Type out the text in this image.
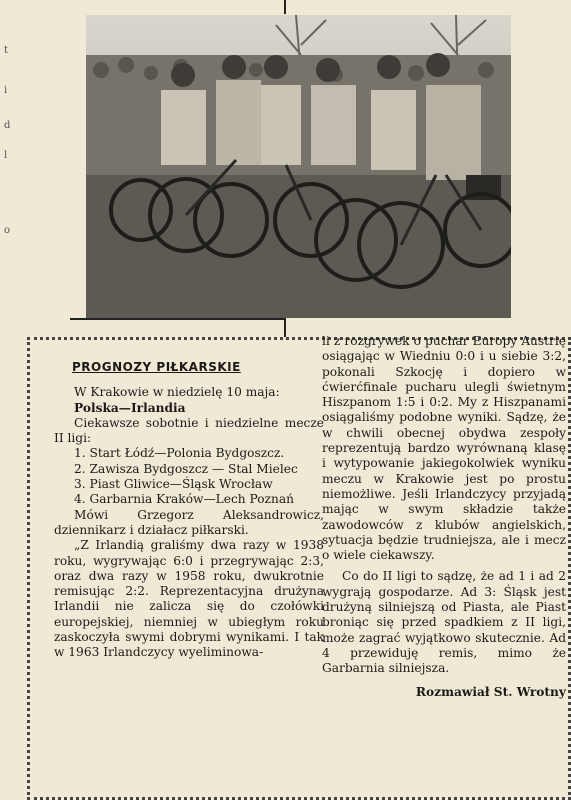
t
i
d
l
o
PROGNOZY PIŁKARSKIE

W Krakowie w niedzielę 10 maja:

Polska—Irlandia

Ciekawsze sobotnie i niedzielne mecze II ligi:

1. Start Łódź—Polonia Bydgoszcz.

2. Zawisza Bydgoszcz — Stal Mielec

3. Piast Gliwice—Śląsk Wrocław

4. Garbarnia Kraków—Lech Poznań

Mówi Grzegorz Aleksandrowicz, dziennikarz i działacz piłkarski.

„Z Irlandią graliśmy dwa razy w 1938 roku, wygrywając 6:0 i przegrywając 2:3, oraz dwa razy w 1958 roku, dwukrotnie remisując 2:2. Reprezentacyjna drużyna Irlandii nie zalicza się do czołówki europejskiej, niemniej w ubiegłym roku zaskoczyła swymi dobrymi wynikami. I tak w 1963 Irlandczycy wyeliminowa-

li z rozgrywek o puchar Europy Austrię osiągając w Wiedniu 0:0 i u siebie 3:2, pokonali Szkocję i dopiero w ćwierćfinale pucharu ulegli świetnym Hiszpanom 1:5 i 0:2. My z Hiszpanami osiągaliśmy podobne wyniki. Sądzę, że w chwili obecnej obydwa zespoły reprezentują bardzo wyrównaną klasę i wytypowanie jakiegokolwiek wyniku meczu w Krakowie jest po prostu niemożliwe. Jeśli Irlandczycy przyjadą mając w swym składzie także zawodowców z klubów angielskich, sytuacja będzie trudniejsza, ale i mecz o wiele ciekawszy.

Co do II ligi to sądzę, że ad 1 i ad 2 wygrają gospodarze. Ad 3: Śląsk jest drużyną silniejszą od Piasta, ale Piast broniąc się przed spadkiem z II ligi, może zagrać wyjątkowo skutecznie. Ad 4 przewiduję remis, mimo że Garbarnia silniejsza.

Rozmawiał St. Wrotny
